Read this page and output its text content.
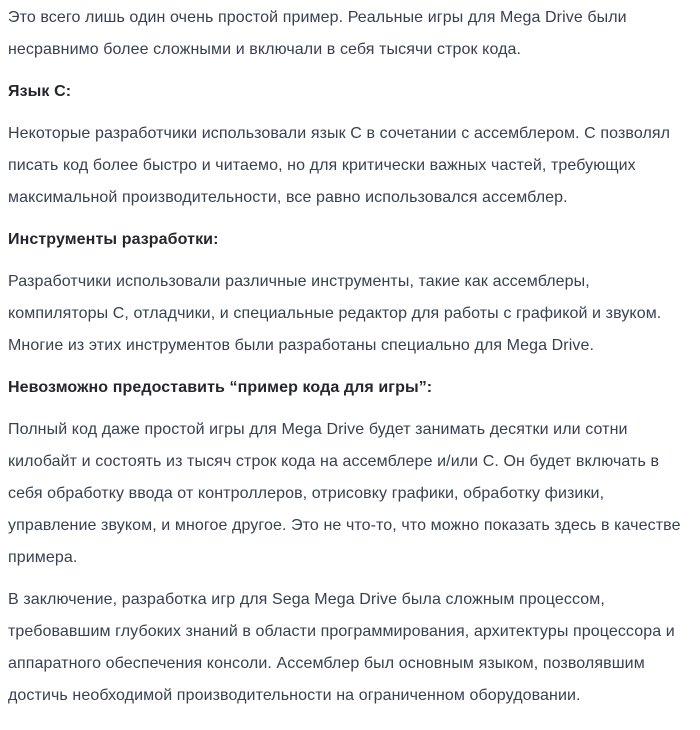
Это всего лишь один очень простой пример. Реальные игры для Mega Drive были несравнимо более сложными и включали в себя тысячи строк кода.

Язык C:

Некоторые разработчики использовали язык C в сочетании с ассемблером. C позволял писать код более быстро и читаемо, но для критически важных частей, требующих максимальной производительности, все равно использовался ассемблер.

Инструменты разработки:

Разработчики использовали различные инструменты, такие как ассемблеры, компиляторы C, отладчики, и специальные редактор для работы с графикой и звуком. Многие из этих инструментов были разработаны специально для Mega Drive.

Невозможно предоставить “пример кода для игры”:

Полный код даже простой игры для Mega Drive будет занимать десятки или сотни килобайт и состоять из тысяч строк кода на ассемблере и/или C. Он будет включать в себя обработку ввода от контроллеров, отрисовку графики, обработку физики, управление звуком, и многое другое. Это не что-то, что можно показать здесь в качестве примера.

В заключение, разработка игр для Sega Mega Drive была сложным процессом, требовавшим глубоких знаний в области программирования, архитектуры процессора и аппаратного обеспечения консоли. Ассемблер был основным языком, позволявшим достичь необходимой производительности на ограниченном оборудовании.
